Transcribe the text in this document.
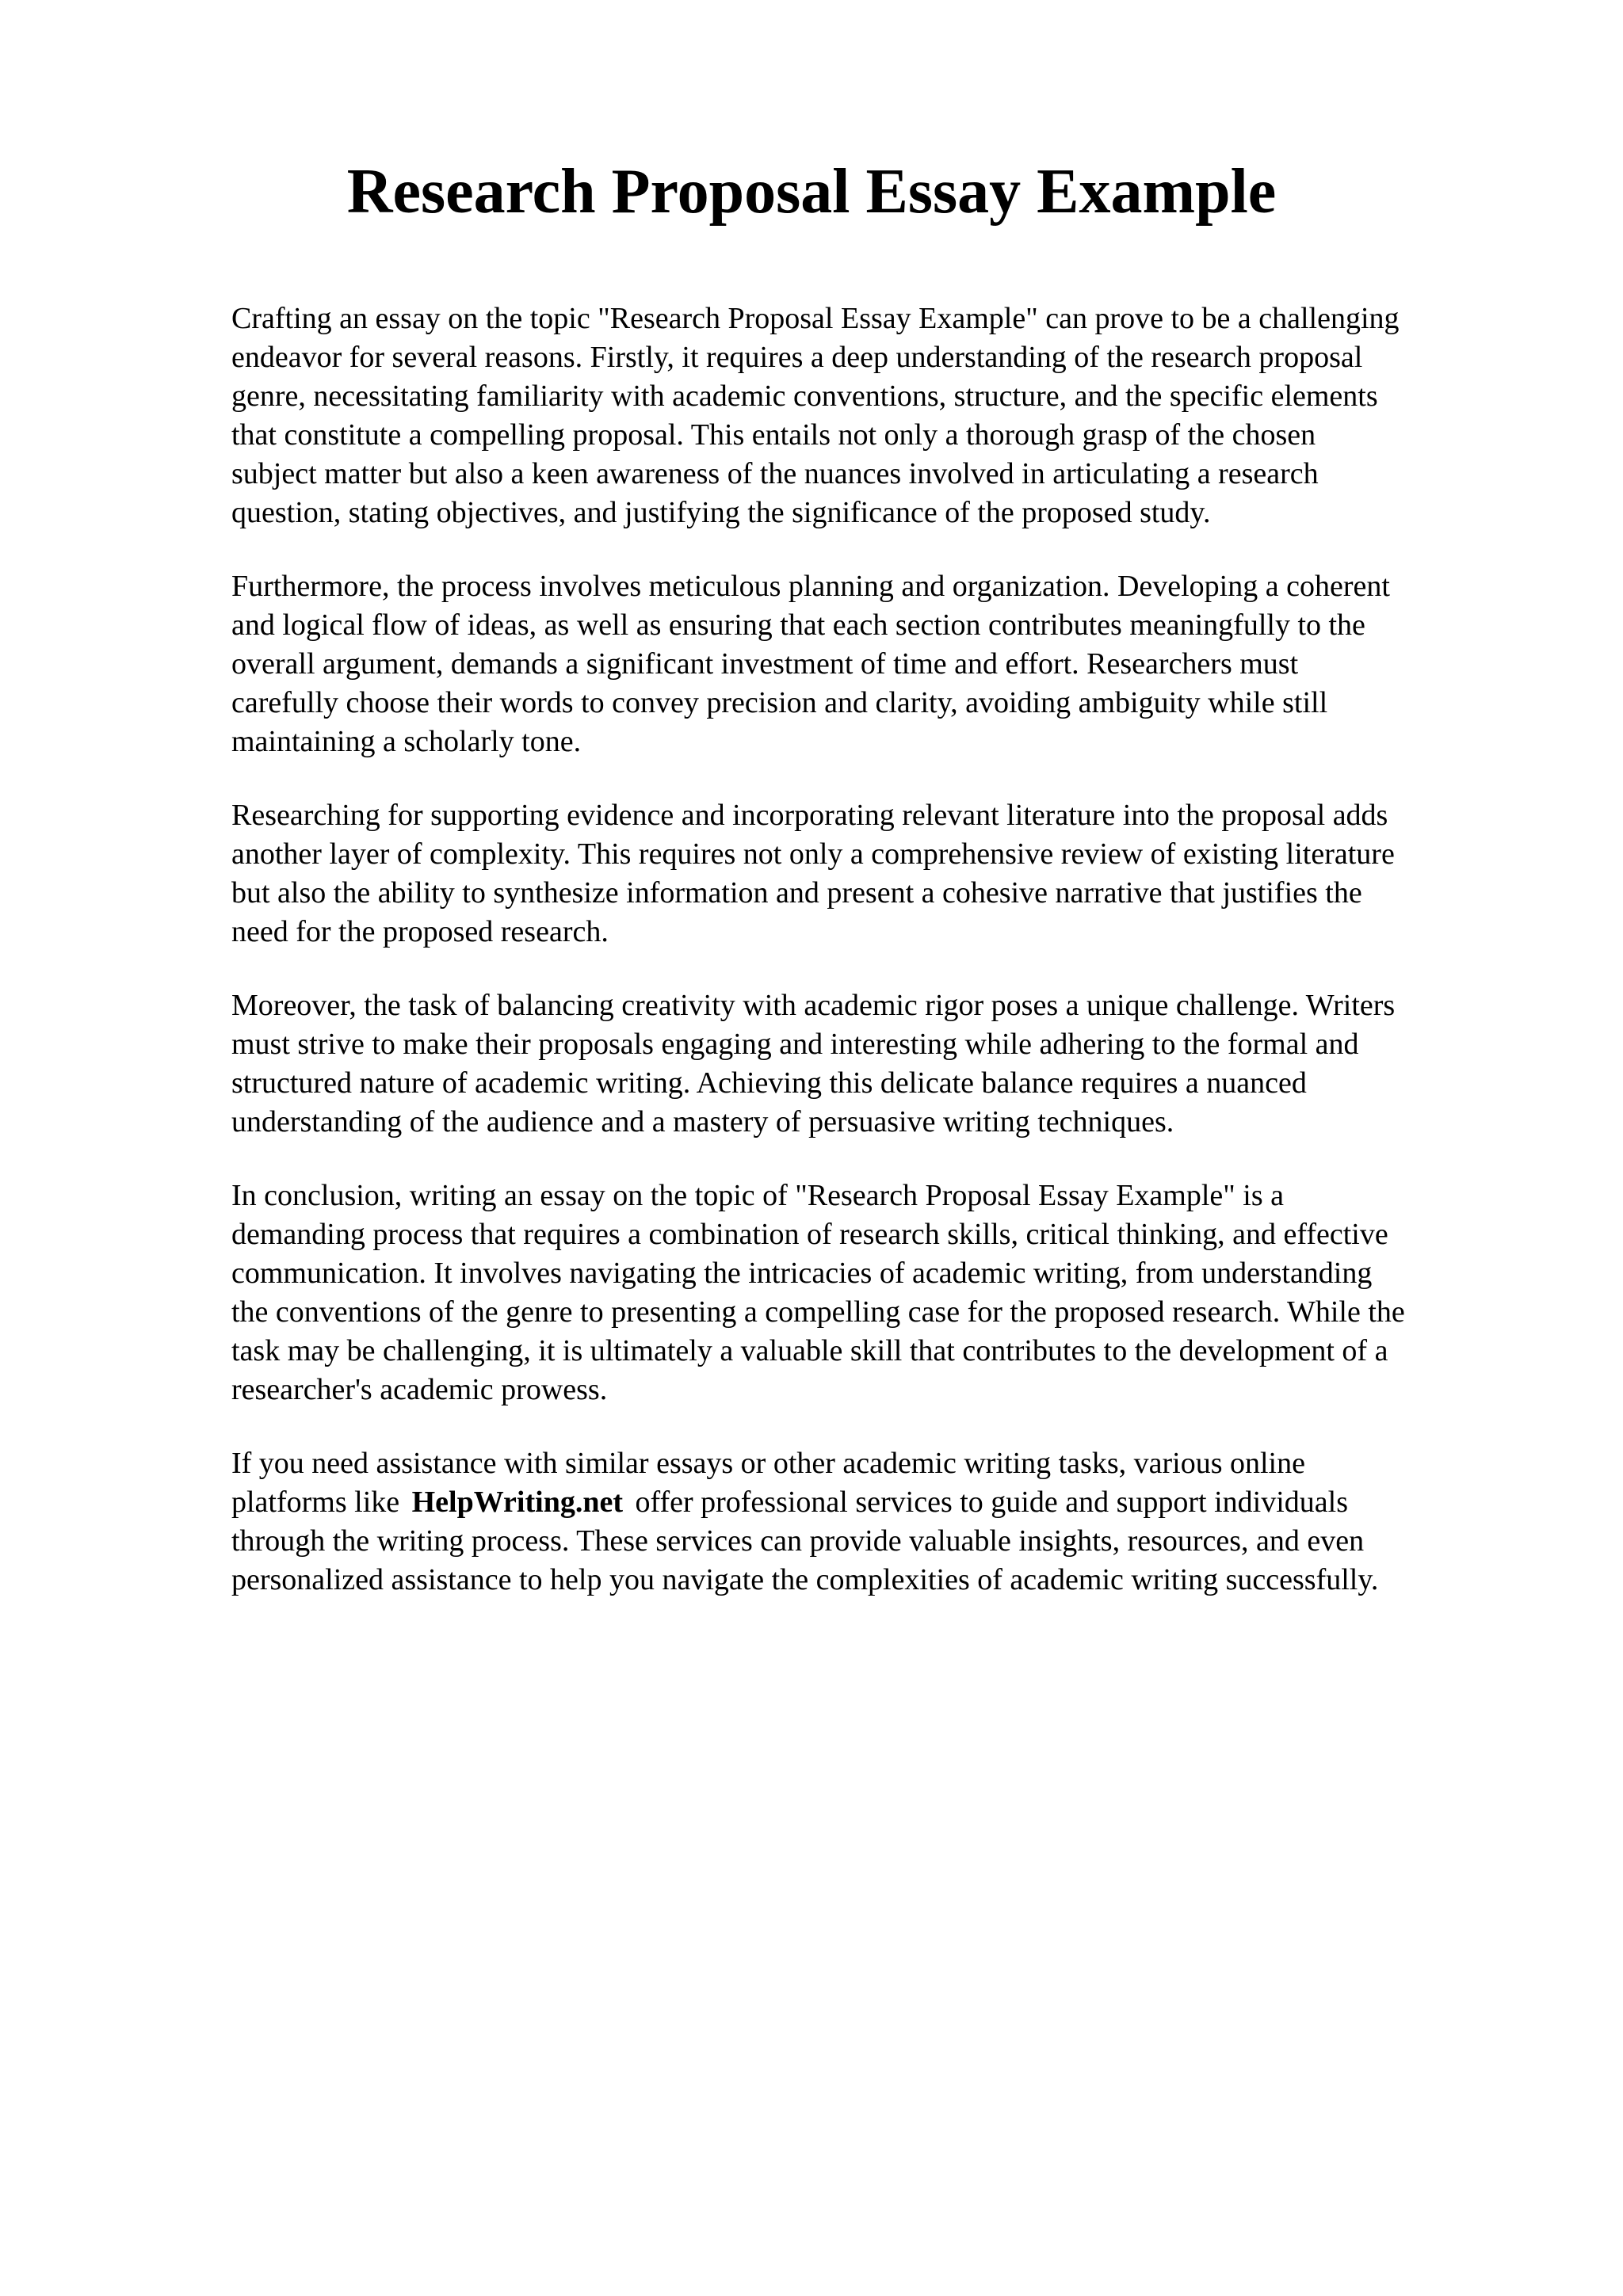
Research Proposal Essay Example

Crafting an essay on the topic "Research Proposal Essay Example" can prove to be a challenging
endeavor for several reasons. Firstly, it requires a deep understanding of the research proposal
genre, necessitating familiarity with academic conventions, structure, and the specific elements
that constitute a compelling proposal. This entails not only a thorough grasp of the chosen
subject matter but also a keen awareness of the nuances involved in articulating a research
question, stating objectives, and justifying the significance of the proposed study.

Furthermore, the process involves meticulous planning and organization. Developing a coherent
and logical flow of ideas, as well as ensuring that each section contributes meaningfully to the
overall argument, demands a significant investment of time and effort. Researchers must
carefully choose their words to convey precision and clarity, avoiding ambiguity while still
maintaining a scholarly tone.

Researching for supporting evidence and incorporating relevant literature into the proposal adds
another layer of complexity. This requires not only a comprehensive review of existing literature
but also the ability to synthesize information and present a cohesive narrative that justifies the
need for the proposed research.

Moreover, the task of balancing creativity with academic rigor poses a unique challenge. Writers
must strive to make their proposals engaging and interesting while adhering to the formal and
structured nature of academic writing. Achieving this delicate balance requires a nuanced
understanding of the audience and a mastery of persuasive writing techniques.

In conclusion, writing an essay on the topic of "Research Proposal Essay Example" is a
demanding process that requires a combination of research skills, critical thinking, and effective
communication. It involves navigating the intricacies of academic writing, from understanding
the conventions of the genre to presenting a compelling case for the proposed research. While the
task may be challenging, it is ultimately a valuable skill that contributes to the development of a
researcher's academic prowess.

If you need assistance with similar essays or other academic writing tasks, various online
platforms like HelpWriting.net offer professional services to guide and support individuals
through the writing process. These services can provide valuable insights, resources, and even
personalized assistance to help you navigate the complexities of academic writing successfully.
